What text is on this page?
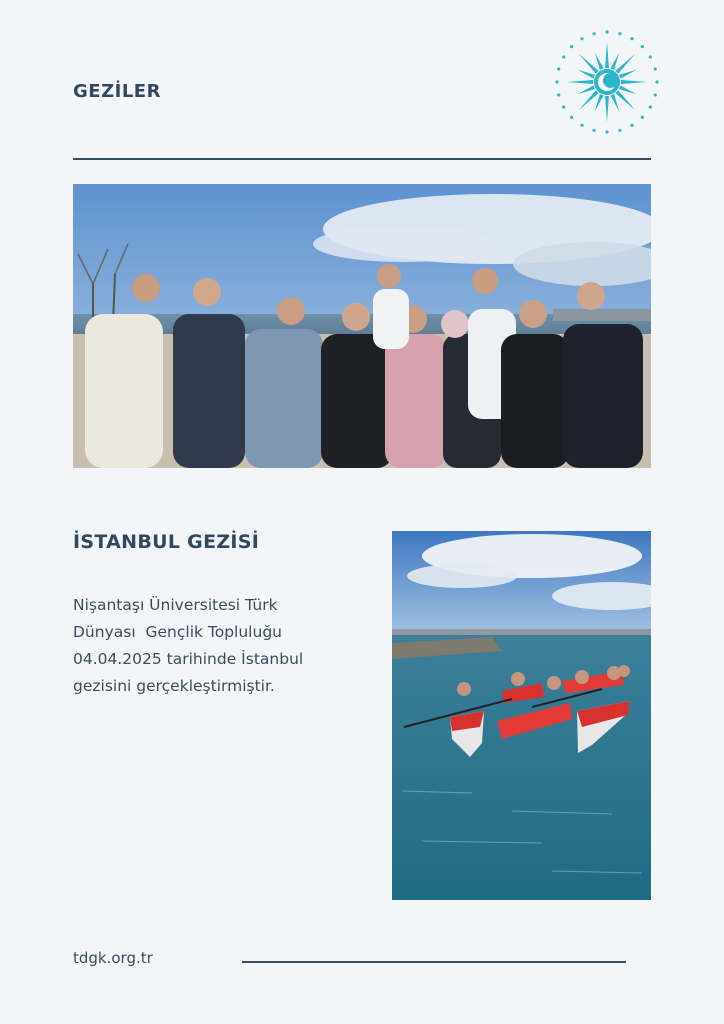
GEZİLER
İSTANBUL GEZİSİ
Nişantaşı Üniversitesi Türk
Dünyası  Gençlik Topluluğu
04.04.2025 tarihinde İstanbul
gezisini gerçekleştirmiştir.
tdgk.org.tr
